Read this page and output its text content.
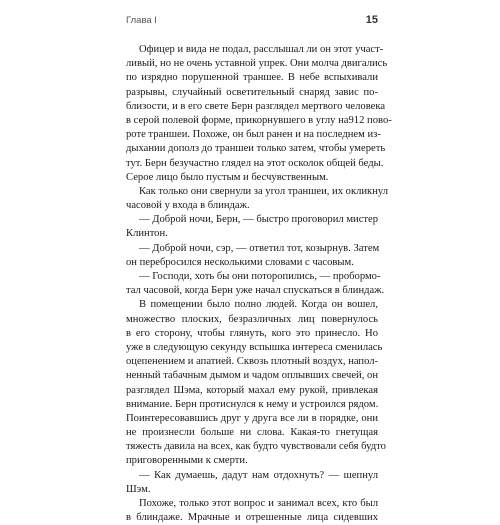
Глава I	15
Офицер и вида не подал, расслышал ли он этот участ-
ливый, но не очень уставной упрек. Они молча двигались
по изрядно порушенной траншее. В небе вспыхивали
разрывы, случайный осветительный снаряд завис по-
близости, и в его свете Берн разглядел мертвого человека
в серой полевой форме, прикорнувшего в углу на912 пово-
роте траншеи. Похоже, он был ранен и на последнем из-
дыхании дополз до траншеи только затем, чтобы умереть
тут. Берн безучастно глядел на этот осколок общей беды.
Серое лицо было пустым и бесчувственным.
Как только они свернули за угол траншеи, их окликнул
часовой у входа в блиндаж.
— Доброй ночи, Берн, — быстро проговорил мистер
Клинтон.
— Доброй ночи, сэр, — ответил тот, козырнув. Затем
он перебросился несколькими словами с часовым.
— Господи, хоть бы они поторопились, — пробормо-
тал часовой, когда Берн уже начал спускаться в блиндаж.
В помещении было полно людей. Когда он вошел,
множество плоских, безразличных лиц повернулось
в его сторону, чтобы глянуть, кого это принесло. Но
уже в следующую секунду вспышка интереса сменилась
оцепенением и апатией. Сквозь плотный воздух, напол-
ненный табачным дымом и чадом оплывших свечей, он
разглядел Шэма, который махал ему рукой, привлекая
внимание. Берн протиснулся к нему и устроился рядом.
Поинтересовавшись друг у друга все ли в порядке, они
не произнесли больше ни слова. Какая-то гнетущая
тяжесть давила на всех, как будто чувствовали себя будто
приговоренными к смерти.
— Как думаешь, дадут нам отдохнуть? — шепнул
Шэм.
Похоже, только этот вопрос и занимал всех, кто был
в блиндаже. Мрачные и отрешенные лица сидевших
